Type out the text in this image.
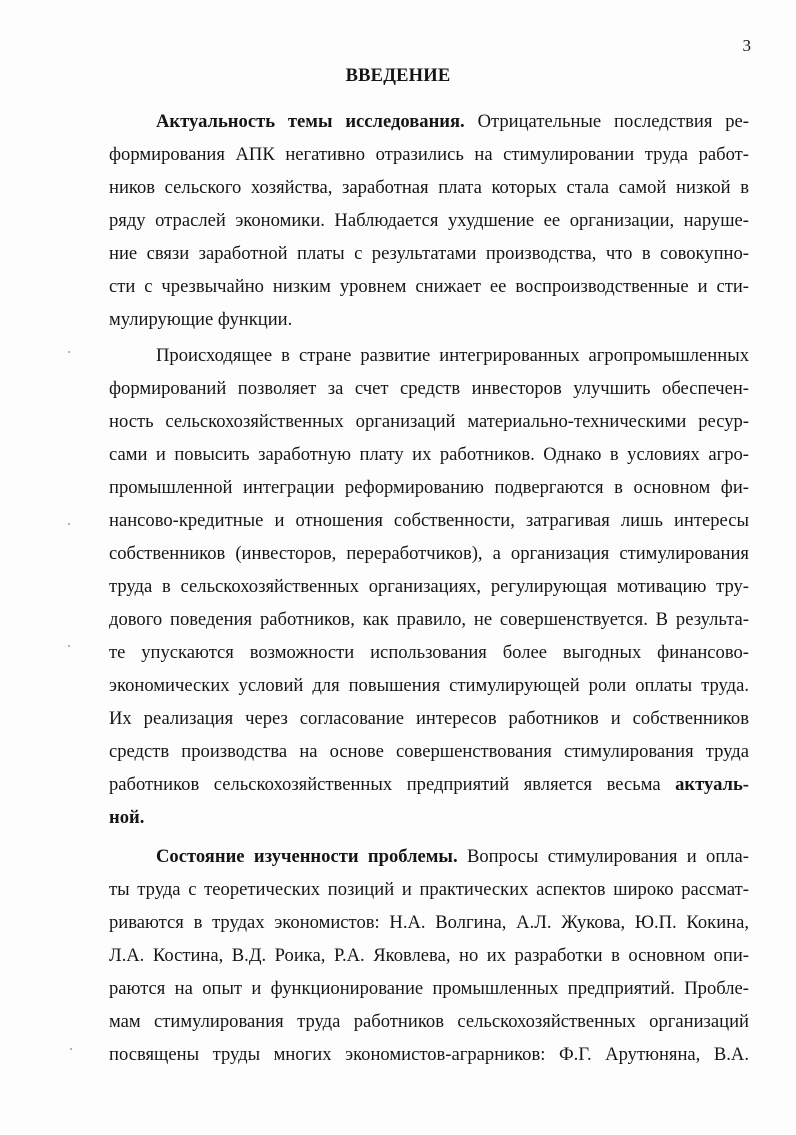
3
ВВЕДЕНИЕ
Актуальность темы исследования. Отрицательные последствия ре-
формирования АПК негативно отразились на стимулировании труда работ-
ников сельского хозяйства, заработная плата которых стала самой низкой в
ряду отраслей экономики. Наблюдается ухудшение ее организации, наруше-
ние связи заработной платы с результатами производства, что в совокупно-
сти с чрезвычайно низким уровнем снижает ее воспроизводственные и сти-
мулирующие функции.
Происходящее в стране развитие интегрированных агропромышленных
формирований позволяет за счет средств инвесторов улучшить обеспечен-
ность сельскохозяйственных организаций материально-техническими ресур-
сами и повысить заработную плату их работников. Однако в условиях агро-
промышленной интеграции реформированию подвергаются в основном фи-
нансово-кредитные и отношения собственности, затрагивая лишь интересы
собственников (инвесторов, переработчиков), а организация стимулирования
труда в сельскохозяйственных организациях, регулирующая мотивацию тру-
дового поведения работников, как правило, не совершенствуется. В результа-
те упускаются возможности использования более выгодных финансово-
экономических условий для повышения стимулирующей роли оплаты труда.
Их реализация через согласование интересов работников и собственников
средств производства на основе совершенствования стимулирования труда
работников сельскохозяйственных предприятий является весьма актуаль-
ной.
Состояние изученности проблемы. Вопросы стимулирования и опла-
ты труда с теоретических позиций и практических аспектов широко рассмат-
риваются в трудах экономистов: Н.А. Волгина, А.Л. Жукова, Ю.П. Кокина,
Л.А. Костина, В.Д. Роика, Р.А. Яковлева, но их разработки в основном опи-
раются на опыт и функционирование промышленных предприятий. Пробле-
мам стимулирования труда работников сельскохозяйственных организаций
посвящены труды многих экономистов-аграрников: Ф.Г. Арутюняна, В.А.
